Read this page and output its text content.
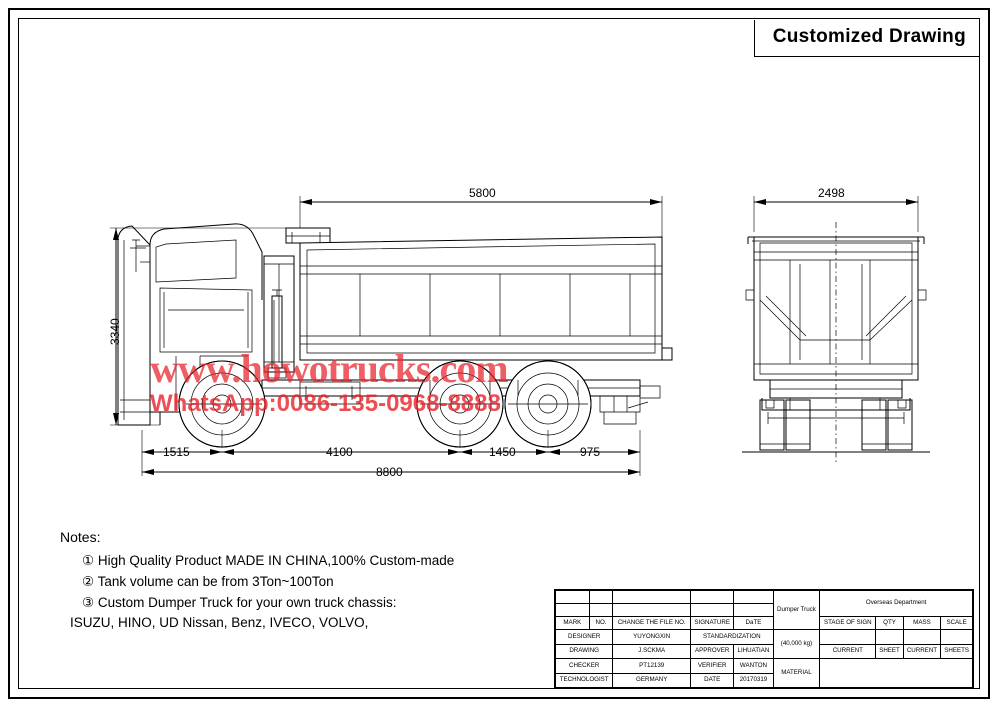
Customized Drawing
5800
3340
1515	4100	1450	975
8800
2498
www.howotrucks.com
WhatsApp:0086-135-0968-8888
Notes:
① High Quality Product MADE IN CHINA,100% Custom-made
② Tank volume can be from 3Ton~100Ton
③ Custom Dumper Truck for your own truck chassis:
ISUZU, HINO, UD Nissan, Benz, IVECO, VOLVO,
					Dumper Truck	Overseas Department			

MARK	NO.	CHANGE THE FILE NO.	SIGNATURE	DaTE		STAGE OF SIGN	QTY	MASS	SCALE
DESIGNER		YUYONGXIN	STANDARDIZATION		(40,000 kg)				
DRAWING		J.SCKMA	APPROVER	LIHUATIAN		CURRENT	SHEET	CURRENT	SHEETS
CHECKER		PT12139	VERIFIER	WANTON	MATERIAL				
TECHNOLOGIST		GERMANY	DATE	20170319					
